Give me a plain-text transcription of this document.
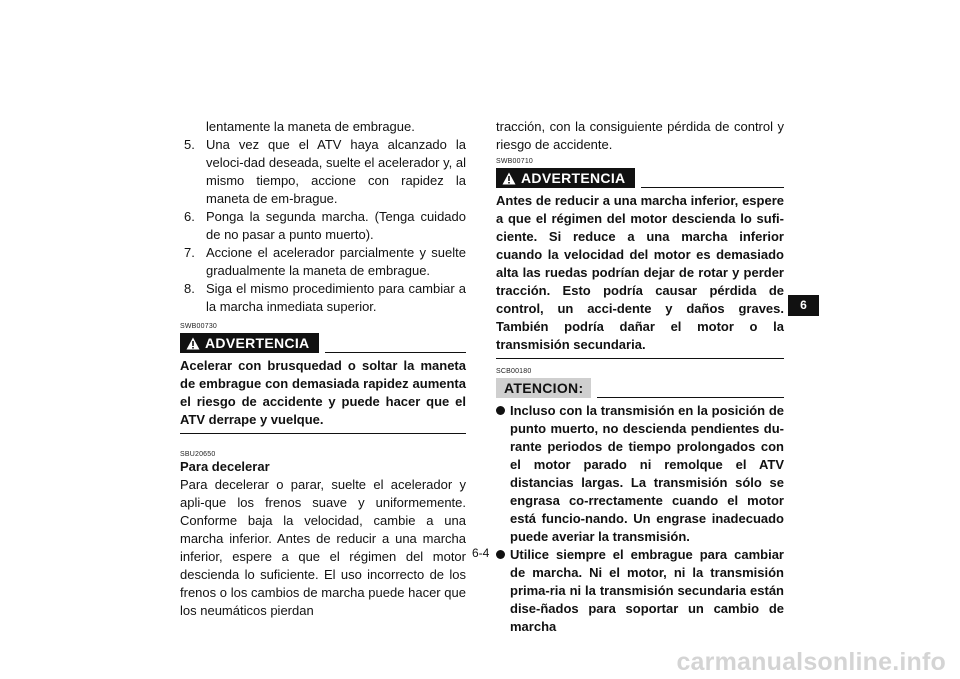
lentamente la maneta de embrague.

5. Una vez que el ATV haya alcanzado la veloci-dad deseada, suelte el acelerador y, al mismo tiempo, accione con rapidez la maneta de em-brague.
6. Ponga la segunda marcha. (Tenga cuidado de no pasar a punto muerto).
7. Accione el acelerador parcialmente y suelte gradualmente la maneta de embrague.
8. Siga el mismo procedimiento para cambiar a la marcha inmediata superior.

SWB00730

ADVERTENCIA

Acelerar con brusquedad o soltar la maneta de embrague con demasiada rapidez aumenta el riesgo de accidente y puede hacer que el ATV derrape y vuelque.

SBU20650

Para decelerar

Para decelerar o parar, suelte el acelerador y apli-que los frenos suave y uniformemente. Conforme baja la velocidad, cambie a una marcha inferior. Antes de reducir a una marcha inferior, espere a que el régimen del motor descienda lo suficiente. El uso incorrecto de los frenos o los cambios de marcha puede hacer que los neumáticos pierdan

tracción, con la consiguiente pérdida de control y riesgo de accidente.

SWB00710

ADVERTENCIA

Antes de reducir a una marcha inferior, espere a que el régimen del motor descienda lo sufi-ciente. Si reduce a una marcha inferior cuando la velocidad del motor es demasiado alta las ruedas podrían dejar de rotar y perder tracción. Esto podría causar pérdida de control, un acci-dente y daños graves. También podría dañar el motor o la transmisión secundaria.

SCB00180

ATENCION:
Incluso con la transmisión en la posición de punto muerto, no descienda pendientes du-rante periodos de tiempo prolongados con el motor parado ni remolque el ATV distancias largas. La transmisión sólo se engrasa co-rrectamente cuando el motor está funcio-nando. Un engrase inadecuado puede averiar la transmisión.
Utilice siempre el embrague para cambiar de marcha. Ni el motor, ni la transmisión prima-ria ni la transmisión secundaria están dise-ñados para soportar un cambio de marcha
6-4
6
carmanualsonline.info
